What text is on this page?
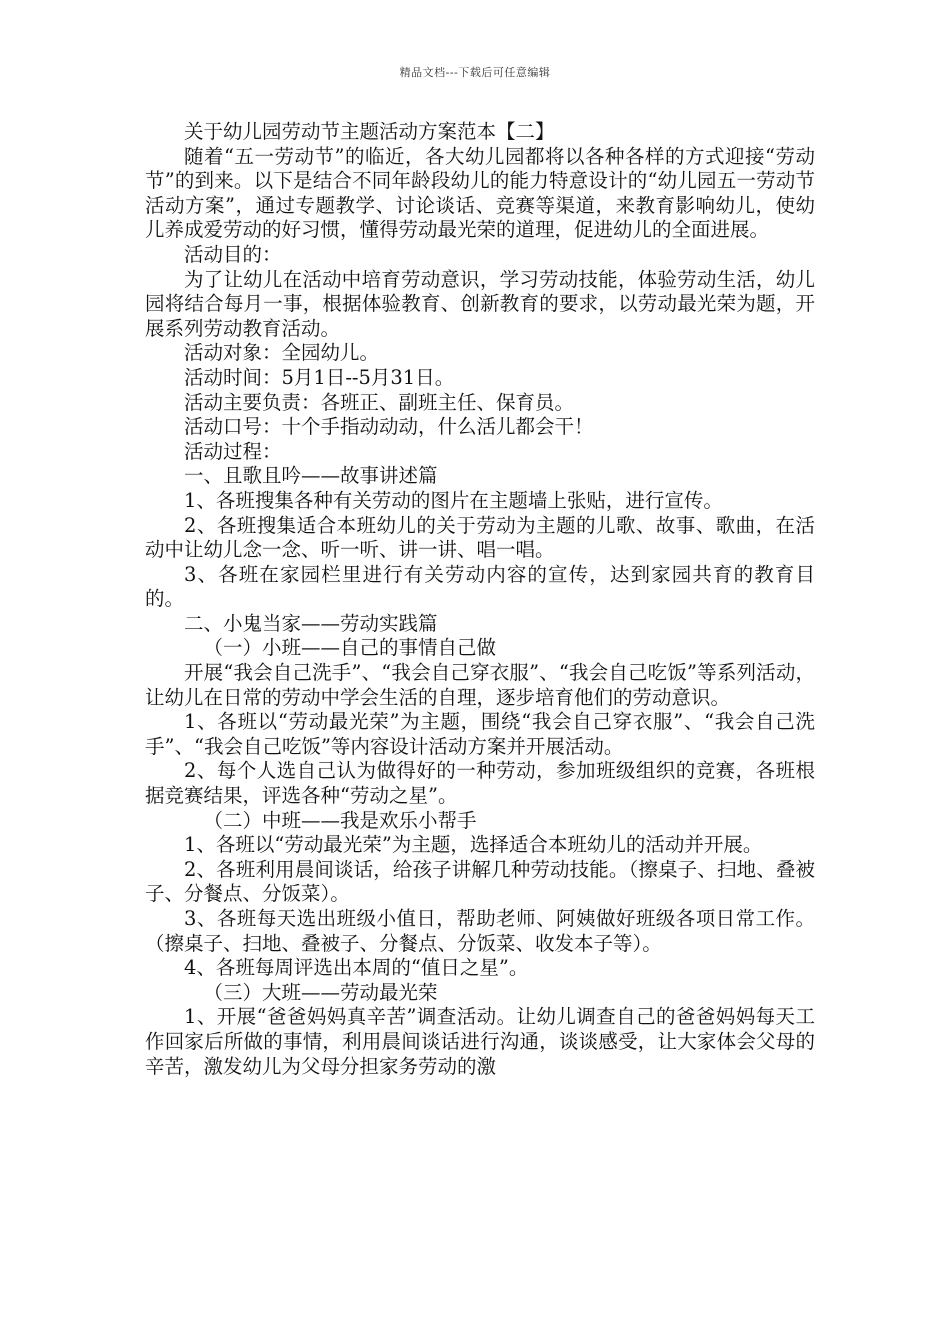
精品文档---下载后可任意编辑

关于幼儿园劳动节主题活动方案范本【二】

随着“五一劳动节”的临近，各大幼儿园都将以各种各样的方式迎接“劳动节”的到来。以下是结合不同年龄段幼儿的能力特意设计的“幼儿园五一劳动节活动方案”，通过专题教学、讨论谈话、竞赛等渠道，来教育影响幼儿，使幼儿养成爱劳动的好习惯，懂得劳动最光荣的道理，促进幼儿的全面进展。

活动目的：

为了让幼儿在活动中培育劳动意识，学习劳动技能，体验劳动生活，幼儿园将结合每月一事，根据体验教育、创新教育的要求，以劳动最光荣为题，开展系列劳动教育活动。

活动对象：全园幼儿。

活动时间：5月1日--5月31日。

活动主要负责：各班正、副班主任、保育员。

活动口号：十个手指动动动，什么活儿都会干！

活动过程：

一、且歌且吟——故事讲述篇

1、各班搜集各种有关劳动的图片在主题墙上张贴，进行宣传。

2、各班搜集适合本班幼儿的关于劳动为主题的儿歌、故事、歌曲，在活动中让幼儿念一念、听一听、讲一讲、唱一唱。

3、各班在家园栏里进行有关劳动内容的宣传，达到家园共育的教育目的。

二、小鬼当家——劳动实践篇

（一）小班——自己的事情自己做

开展“我会自己洗手”、“我会自己穿衣服”、“我会自己吃饭”等系列活动，让幼儿在日常的劳动中学会生活的自理，逐步培育他们的劳动意识。

1、各班以“劳动最光荣”为主题，围绕“我会自己穿衣服”、“我会自己洗手”、“我会自己吃饭”等内容设计活动方案并开展活动。

2、每个人选自己认为做得好的一种劳动，参加班级组织的竞赛，各班根据竞赛结果，评选各种“劳动之星”。

（二）中班——我是欢乐小帮手

1、各班以“劳动最光荣”为主题，选择适合本班幼儿的活动并开展。

2、各班利用晨间谈话，给孩子讲解几种劳动技能。（擦桌子、扫地、叠被子、分餐点、分饭菜）。

3、各班每天选出班级小值日，帮助老师、阿姨做好班级各项日常工作。（擦桌子、扫地、叠被子、分餐点、分饭菜、收发本子等）。

4、各班每周评选出本周的“值日之星”。

（三）大班——劳动最光荣

1、开展“爸爸妈妈真辛苦”调查活动。让幼儿调查自己的爸爸妈妈每天工作回家后所做的事情，利用晨间谈话进行沟通，谈谈感受，让大家体会父母的辛苦，激发幼儿为父母分担家务劳动的激
